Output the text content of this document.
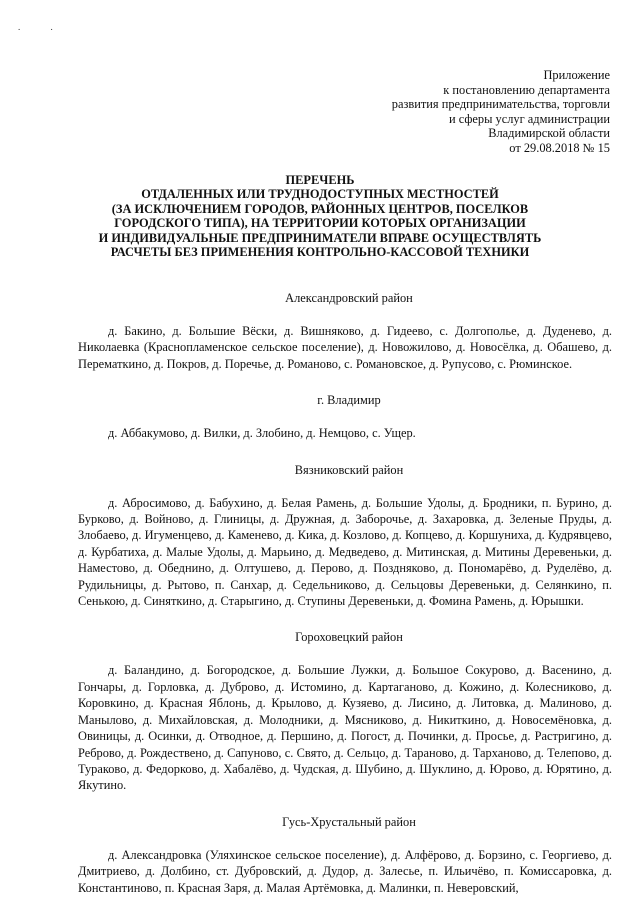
. .
Приложение
к постановлению департамента
развития предпринимательства, торговли
и сферы услуг администрации
Владимирской области
от 29.08.2018 № 15
ПЕРЕЧЕНЬ
ОТДАЛЕННЫХ ИЛИ ТРУДНОДОСТУПНЫХ МЕСТНОСТЕЙ
(ЗА ИСКЛЮЧЕНИЕМ ГОРОДОВ, РАЙОННЫХ ЦЕНТРОВ, ПОСЕЛКОВ
ГОРОДСКОГО ТИПА), НА ТЕРРИТОРИИ КОТОРЫХ ОРГАНИЗАЦИИ
И ИНДИВИДУАЛЬНЫЕ ПРЕДПРИНИМАТЕЛИ ВПРАВЕ ОСУЩЕСТВЛЯТЬ
РАСЧЕТЫ БЕЗ ПРИМЕНЕНИЯ КОНТРОЛЬНО-КАССОВОЙ ТЕХНИКИ

Александровский район

д. Бакино, д. Большие Вёски, д. Вишняково, д. Гидеево, с. Долгополье, д. Дуденево, д. Николаевка (Краснопламенское сельское поселение), д. Новожилово, д. Новосёлка, д. Обашево, д. Перематкино, д. Покров, д. Поречье, д. Романово, с. Романовское, д. Рупусово, с. Рюминское.

г. Владимир

д. Аббакумово, д. Вилки, д. Злобино, д. Немцово, с. Ущер.

Вязниковский район

д. Абросимово, д. Бабухино, д. Белая Рамень, д. Большие Удолы, д. Бродники, п. Бурино, д. Бурково, д. Войново, д. Глиницы, д. Дружная, д. Заборочье, д. Захаровка, д. Зеленые Пруды, д. Злобаево, д. Игуменцево, д. Каменево, д. Кика, д. Козлово, д. Копцево, д. Коршуниха, д. Кудрявцево, д. Курбатиха, д. Малые Удолы, д. Марьино, д. Медведево, д. Митинская, д. Митины Деревеньки, д. Наместово, д. Обеднино, д. Олтушево, д. Перово, д. Поздняково, д. Пономарёво, д. Руделёво, д. Рудильницы, д. Рытово, п. Санхар, д. Седельниково, д. Сельцовы Деревеньки, д. Селянкино, п. Сенькою, д. Синяткино, д. Старыгино, д. Ступины Деревеньки, д. Фомина Рамень, д. Юрышки.

Гороховецкий район

д. Баландино, д. Богородское, д. Большие Лужки, д. Большое Сокурово, д. Васенино, д. Гончары, д. Горловка, д. Дуброво, д. Истомино, д. Картаганово, д. Кожино, д. Колесниково, д. Коровкино, д. Красная Яблонь, д. Крылово, д. Кузяево, д. Лисино, д. Литовка, д. Малиново, д. Манылово, д. Михайловская, д. Молодники, д. Мясниково, д. Никиткино, д. Новосемёновка, д. Овиницы, д. Осинки, д. Отводное, д. Першино, д. Погост, д. Починки, д. Просье, д. Растригино, д. Реброво, д. Рождествено, д. Сапуново, с. Свято, д. Сельцо, д. Тараново, д. Тарханово, д. Телепово, д. Тураково, д. Федорково, д. Хабалёво, д. Чудская, д. Шубино, д. Шуклино, д. Юрово, д. Юрятино, д. Якутино.

Гусь-Хрустальный район

д. Александровка (Уляхинское сельское поселение), д. Алфёрово, д. Борзино, с. Георгиево, д. Дмитриево, д. Долбино, ст. Дубровский, д. Дудор, д. Залесье, п. Ильичёво, п. Комиссаровка, д. Константиново, п. Красная Заря, д. Малая Артёмовка, д. Малинки, п. Неверовский,
